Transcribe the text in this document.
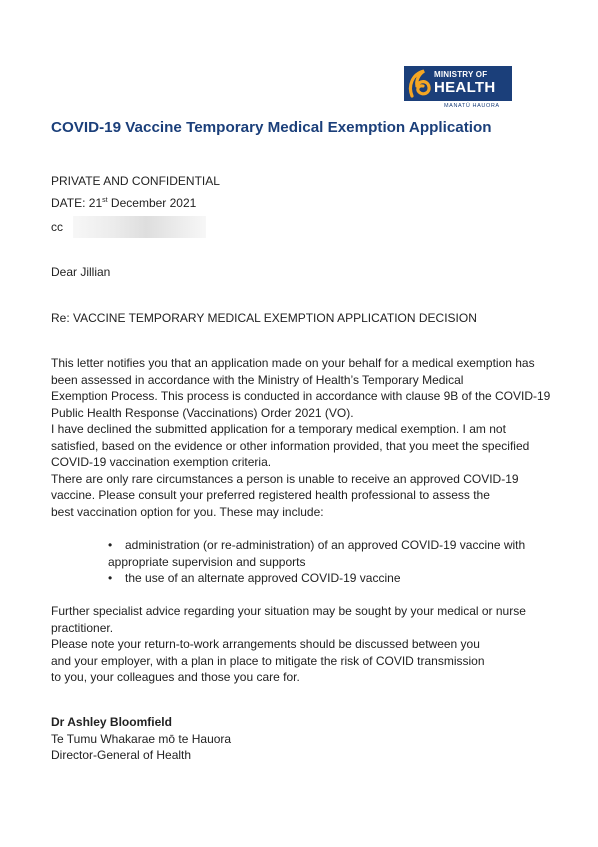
MINISTRY OF
HEALTH
MANATŪ HAUORA
COVID-19 Vaccine Temporary Medical Exemption Application
PRIVATE AND CONFIDENTIAL
DATE: 21st December 2021
cc
Dear Jillian
Re: VACCINE TEMPORARY MEDICAL EXEMPTION APPLICATION DECISION
This letter notifies you that an application made on your behalf for a medical exemption has
been assessed in accordance with the Ministry of Health’s Temporary Medical
Exemption Process. This process is conducted in accordance with clause 9B of the COVID-19
Public Health Response (Vaccinations) Order 2021 (VO).
I have declined the submitted application for a temporary medical exemption. I am not
satisfied, based on the evidence or other information provided, that you meet the specified
COVID-19 vaccination exemption criteria.
There are only rare circumstances a person is unable to receive an approved COVID-19
vaccine. Please consult your preferred registered health professional to assess the
best vaccination option for you. These may include:
• administration (or re-administration) of an approved COVID-19 vaccine with
appropriate supervision and supports
• the use of an alternate approved COVID-19 vaccine
Further specialist advice regarding your situation may be sought by your medical or nurse
practitioner.
Please note your return-to-work arrangements should be discussed between you
and your employer, with a plan in place to mitigate the risk of COVID transmission
to you, your colleagues and those you care for.
Dr Ashley Bloomfield
Te Tumu Whakarae mō te Hauora
Director-General of Health
